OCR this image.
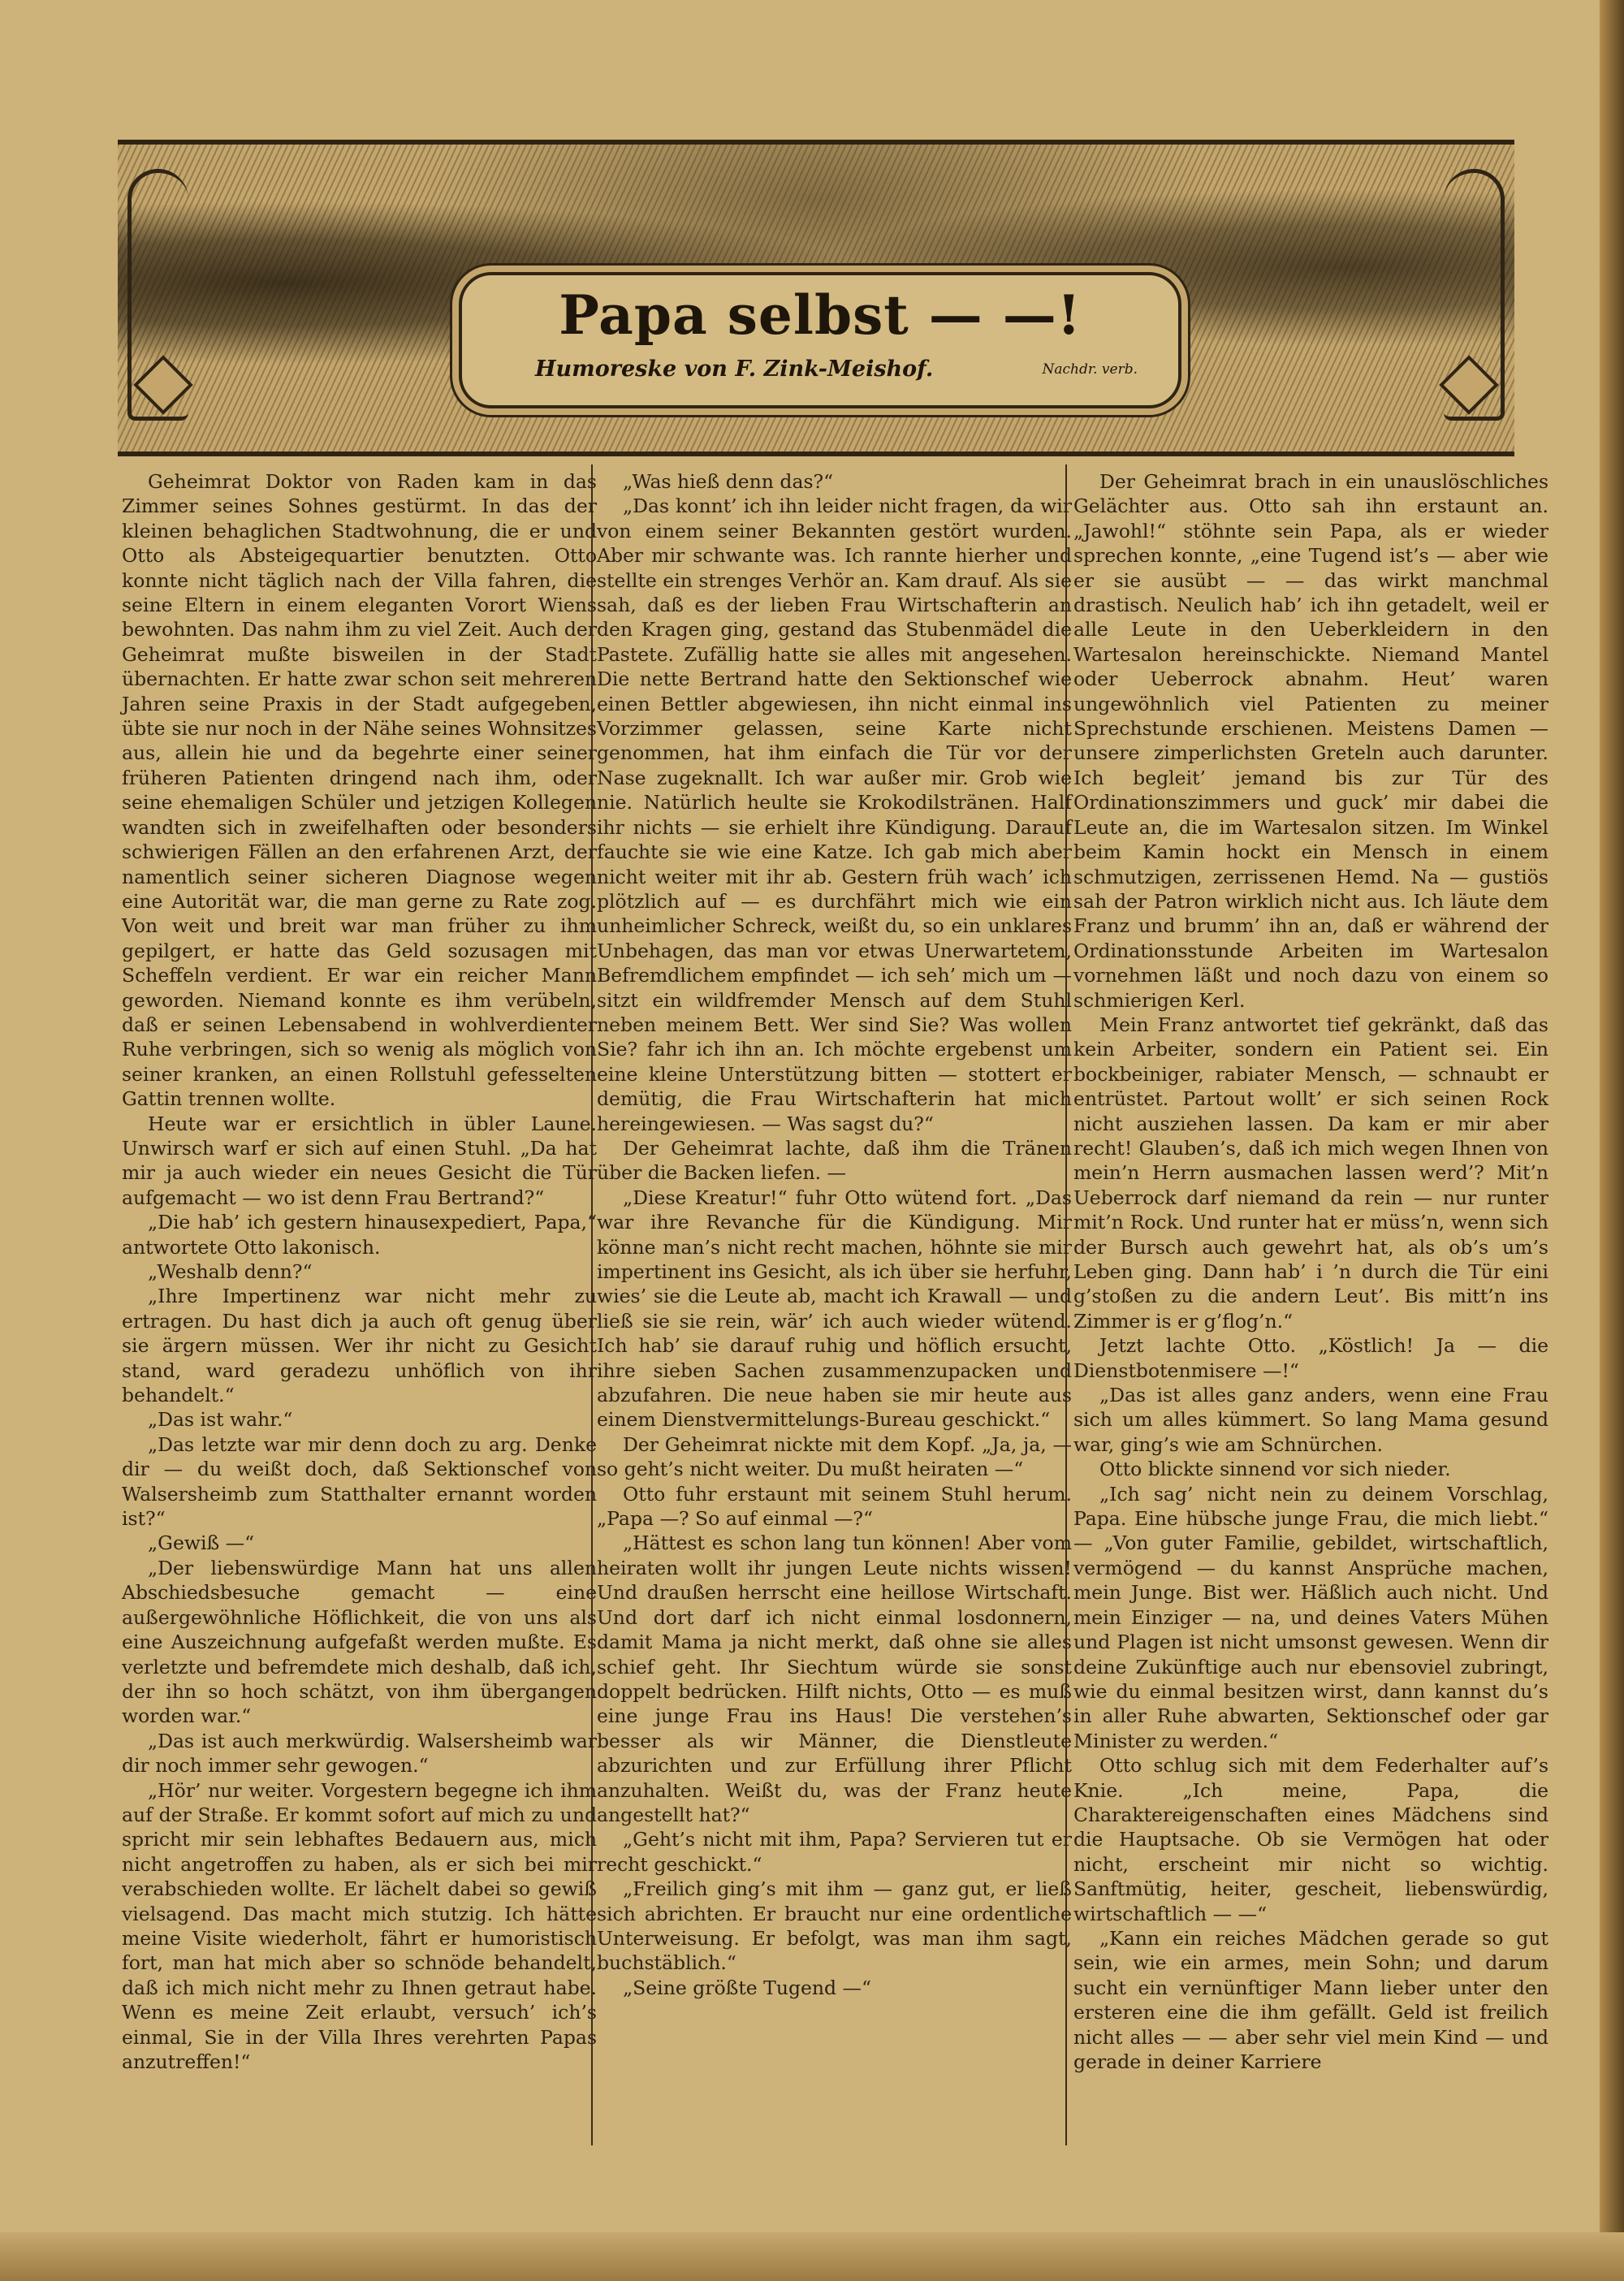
Papa selbst — —!
Humoreske von F. Zink-Meishof.	Nachdr. verb.

Geheimrat Doktor von Raden kam in das Zimmer seines Sohnes gestürmt. In das der kleinen behaglichen Stadtwohnung, die er und Otto als Absteigequartier benutzten. Otto konnte nicht täglich nach der Villa fahren, die seine Eltern in einem eleganten Vorort Wiens bewohnten. Das nahm ihm zu viel Zeit. Auch der Geheimrat mußte bisweilen in der Stadt übernachten. Er hatte zwar schon seit mehreren Jahren seine Praxis in der Stadt aufgegeben, übte sie nur noch in der Nähe seines Wohnsitzes aus, allein hie und da begehrte einer seiner früheren Patienten dringend nach ihm, oder seine ehemaligen Schüler und jetzigen Kollegen wandten sich in zweifelhaften oder besonders schwierigen Fällen an den erfahrenen Arzt, der namentlich seiner sicheren Diagnose wegen eine Autorität war, die man gerne zu Rate zog. Von weit und breit war man früher zu ihm gepilgert, er hatte das Geld sozusagen mit Scheffeln verdient. Er war ein reicher Mann geworden. Niemand konnte es ihm verübeln, daß er seinen Lebensabend in wohlverdienter Ruhe verbringen, sich so wenig als möglich von seiner kranken, an einen Rollstuhl gefesselten Gattin trennen wollte.

Heute war er ersichtlich in übler Laune. Unwirsch warf er sich auf einen Stuhl. „Da hat mir ja auch wieder ein neues Gesicht die Tür aufgemacht — wo ist denn Frau Bertrand?“

„Die hab’ ich gestern hinausexpediert, Papa,“ antwortete Otto lakonisch.

„Weshalb denn?“

„Ihre Impertinenz war nicht mehr zu ertragen. Du hast dich ja auch oft genug über sie ärgern müssen. Wer ihr nicht zu Gesicht stand, ward geradezu unhöflich von ihr behandelt.“

„Das ist wahr.“

„Das letzte war mir denn doch zu arg. Denke dir — du weißt doch, daß Sektionschef von Walsersheimb zum Statthalter ernannt worden ist?“

„Gewiß —“

„Der liebenswürdige Mann hat uns allen Abschiedsbesuche gemacht — eine außergewöhnliche Höflichkeit, die von uns als eine Auszeichnung aufgefaßt werden mußte. Es verletzte und befremdete mich deshalb, daß ich, der ihn so hoch schätzt, von ihm übergangen worden war.“

„Das ist auch merkwürdig. Walsersheimb war dir noch immer sehr gewogen.“

„Hör’ nur weiter. Vorgestern begegne ich ihm auf der Straße. Er kommt sofort auf mich zu und spricht mir sein lebhaftes Bedauern aus, mich nicht angetroffen zu haben, als er sich bei mir verabschieden wollte. Er lächelt dabei so gewiß vielsagend. Das macht mich stutzig. Ich hätte meine Visite wiederholt, fährt er humoristisch fort, man hat mich aber so schnöde behandelt, daß ich mich nicht mehr zu Ihnen getraut habe. Wenn es meine Zeit erlaubt, versuch’ ich’s einmal, Sie in der Villa Ihres verehrten Papas anzutreffen!“

„Was hieß denn das?“

„Das konnt’ ich ihn leider nicht fragen, da wir von einem seiner Bekannten gestört wurden. Aber mir schwante was. Ich rannte hierher und stellte ein strenges Verhör an. Kam drauf. Als sie sah, daß es der lieben Frau Wirtschafterin an den Kragen ging, gestand das Stubenmädel die Pastete. Zufällig hatte sie alles mit angesehen. Die nette Bertrand hatte den Sektionschef wie einen Bettler abgewiesen, ihn nicht einmal ins Vorzimmer gelassen, seine Karte nicht genommen, hat ihm einfach die Tür vor der Nase zugeknallt. Ich war außer mir. Grob wie nie. Natürlich heulte sie Krokodilstränen. Half ihr nichts — sie erhielt ihre Kündigung. Darauf fauchte sie wie eine Katze. Ich gab mich aber nicht weiter mit ihr ab. Gestern früh wach’ ich plötzlich auf — es durchfährt mich wie ein unheimlicher Schreck, weißt du, so ein unklares Unbehagen, das man vor etwas Unerwartetem, Befremdlichem empfindet — ich seh’ mich um — sitzt ein wildfremder Mensch auf dem Stuhl neben meinem Bett. Wer sind Sie? Was wollen Sie? fahr ich ihn an. Ich möchte ergebenst um eine kleine Unterstützung bitten — stottert er demütig, die Frau Wirtschafterin hat mich hereingewiesen. — Was sagst du?“

Der Geheimrat lachte, daß ihm die Tränen über die Backen liefen. —

„Diese Kreatur!“ fuhr Otto wütend fort. „Das war ihre Revanche für die Kündigung. Mir könne man’s nicht recht machen, höhnte sie mir impertinent ins Gesicht, als ich über sie herfuhr, wies’ sie die Leute ab, macht ich Krawall — und ließ sie sie rein, wär’ ich auch wieder wütend. Ich hab’ sie darauf ruhig und höflich ersucht, ihre sieben Sachen zusammenzupacken und abzufahren. Die neue haben sie mir heute aus einem Dienstvermittelungs-Bureau geschickt.“

Der Geheimrat nickte mit dem Kopf. „Ja, ja, — so geht’s nicht weiter. Du mußt heiraten —“

Otto fuhr erstaunt mit seinem Stuhl herum. „Papa —? So auf einmal —?“

„Hättest es schon lang tun können! Aber vom heiraten wollt ihr jungen Leute nichts wissen! Und draußen herrscht eine heillose Wirtschaft. Und dort darf ich nicht einmal losdonnern, damit Mama ja nicht merkt, daß ohne sie alles schief geht. Ihr Siechtum würde sie sonst doppelt bedrücken. Hilft nichts, Otto — es muß eine junge Frau ins Haus! Die verstehen’s besser als wir Männer, die Dienstleute abzurichten und zur Erfüllung ihrer Pflicht anzuhalten. Weißt du, was der Franz heute angestellt hat?“

„Geht’s nicht mit ihm, Papa? Servieren tut er recht geschickt.“

„Freilich ging’s mit ihm — ganz gut, er ließ sich abrichten. Er braucht nur eine ordentliche Unterweisung. Er befolgt, was man ihm sagt, buchstäblich.“

„Seine größte Tugend —“

Der Geheimrat brach in ein unauslöschliches Gelächter aus. Otto sah ihn erstaunt an. „Jawohl!“ stöhnte sein Papa, als er wieder sprechen konnte, „eine Tugend ist’s — aber wie er sie ausübt — — das wirkt manchmal drastisch. Neulich hab’ ich ihn getadelt, weil er alle Leute in den Ueberkleidern in den Wartesalon hereinschickte. Niemand Mantel oder Ueberrock abnahm. Heut’ waren ungewöhnlich viel Patienten zu meiner Sprechstunde erschienen. Meistens Damen — unsere zimperlichsten Greteln auch darunter. Ich begleit’ jemand bis zur Tür des Ordinationszimmers und guck’ mir dabei die Leute an, die im Wartesalon sitzen. Im Winkel beim Kamin hockt ein Mensch in einem schmutzigen, zerrissenen Hemd. Na — gustiös sah der Patron wirklich nicht aus. Ich läute dem Franz und brumm’ ihn an, daß er während der Ordinationsstunde Arbeiten im Wartesalon vornehmen läßt und noch dazu von einem so schmierigen Kerl.

Mein Franz antwortet tief gekränkt, daß das kein Arbeiter, sondern ein Patient sei. Ein bockbeiniger, rabiater Mensch, — schnaubt er entrüstet. Partout wollt’ er sich seinen Rock nicht ausziehen lassen. Da kam er mir aber recht! Glauben’s, daß ich mich wegen Ihnen von mein’n Herrn ausmachen lassen werd’? Mit’n Ueberrock darf niemand da rein — nur runter mit’n Rock. Und runter hat er müss’n, wenn sich der Bursch auch gewehrt hat, als ob’s um’s Leben ging. Dann hab’ i ’n durch die Tür eini g’stoßen zu die andern Leut’. Bis mitt’n ins Zimmer is er g’flog’n.“

Jetzt lachte Otto. „Köstlich! Ja — die Dienstbotenmisere —!“

„Das ist alles ganz anders, wenn eine Frau sich um alles kümmert. So lang Mama gesund war, ging’s wie am Schnürchen.

Otto blickte sinnend vor sich nieder.

„Ich sag’ nicht nein zu deinem Vorschlag, Papa. Eine hübsche junge Frau, die mich liebt.“ — „Von guter Familie, gebildet, wirtschaftlich, vermögend — du kannst Ansprüche machen, mein Junge. Bist wer. Häßlich auch nicht. Und mein Einziger — na, und deines Vaters Mühen und Plagen ist nicht umsonst gewesen. Wenn dir deine Zukünftige auch nur ebensoviel zubringt, wie du einmal besitzen wirst, dann kannst du’s in aller Ruhe abwarten, Sektionschef oder gar Minister zu werden.“

Otto schlug sich mit dem Federhalter auf’s Knie. „Ich meine, Papa, die Charaktereigenschaften eines Mädchens sind die Hauptsache. Ob sie Vermögen hat oder nicht, erscheint mir nicht so wichtig. Sanftmütig, heiter, gescheit, liebenswürdig, wirtschaftlich — —“

„Kann ein reiches Mädchen gerade so gut sein, wie ein armes, mein Sohn; und darum sucht ein vernünftiger Mann lieber unter den ersteren eine die ihm gefällt. Geld ist freilich nicht alles — — aber sehr viel mein Kind — und gerade in deiner Karriere
